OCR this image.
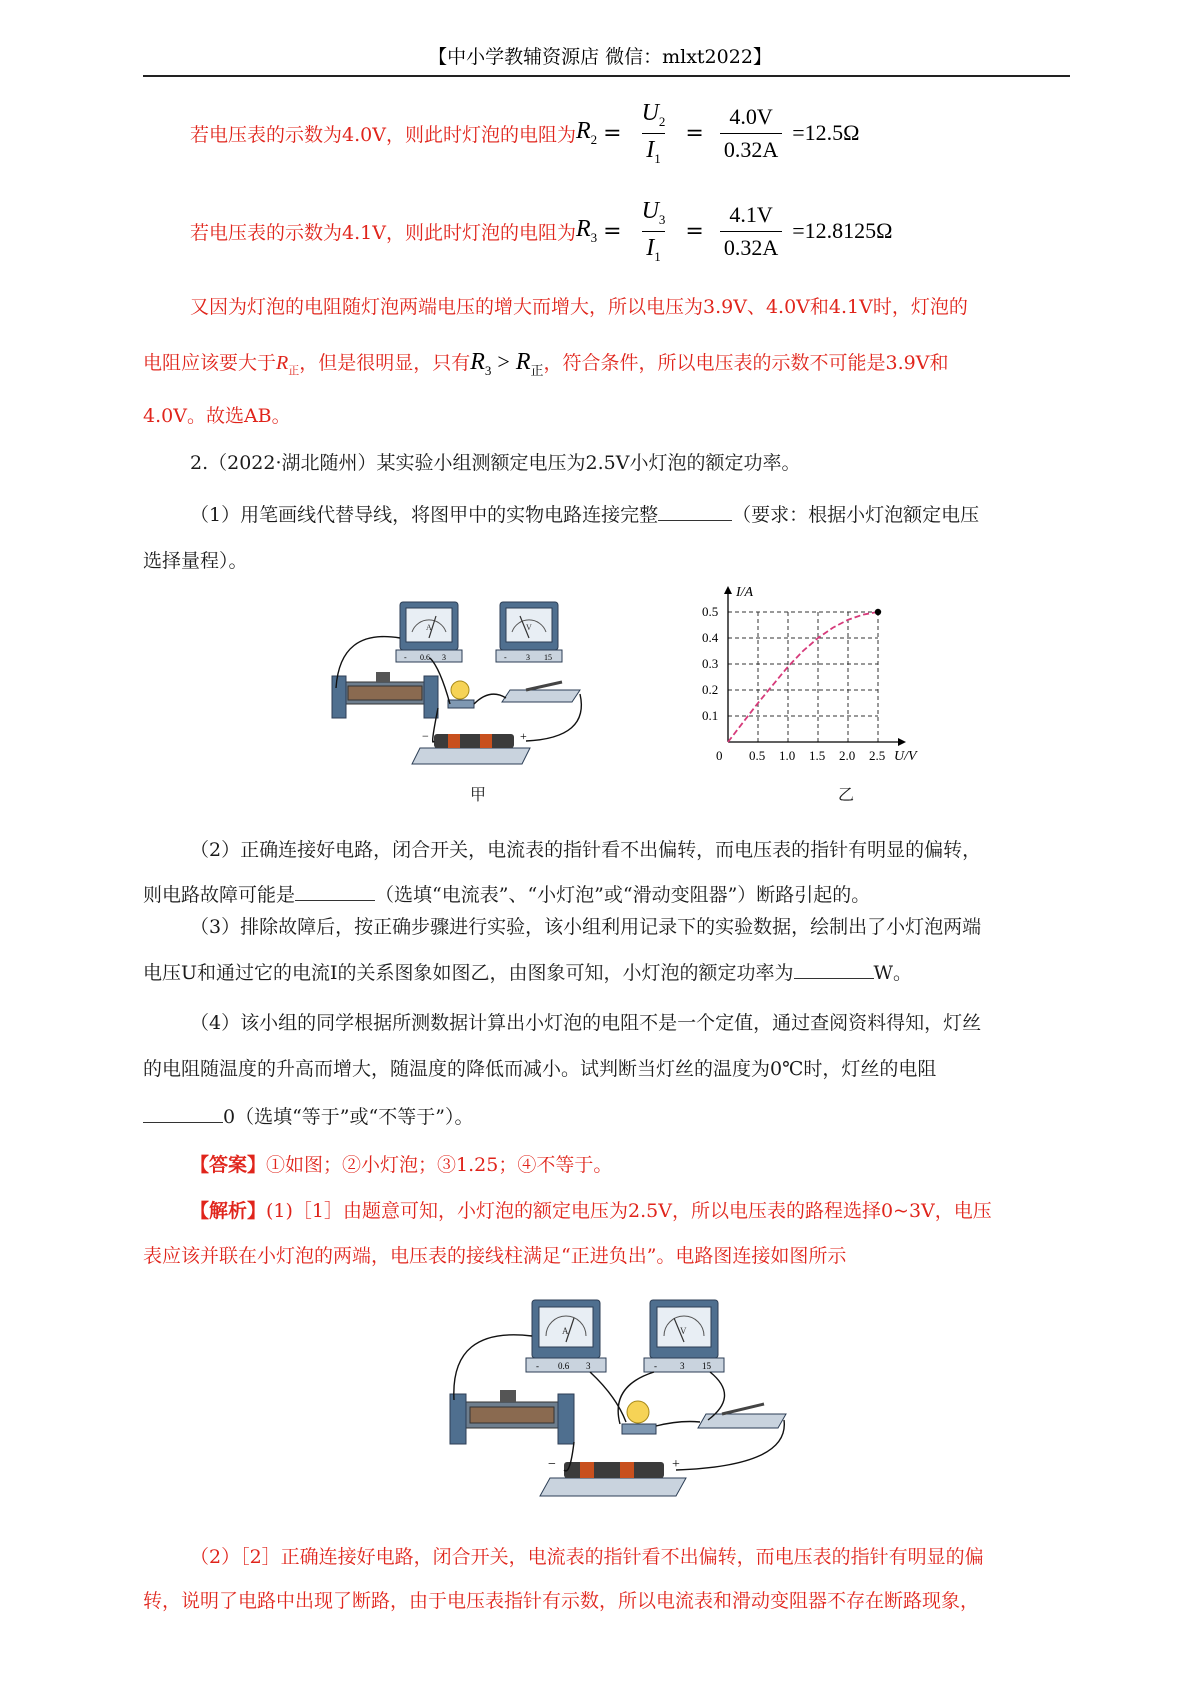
【中小学教辅资源店 微信：mlxt2022】
若电压表的示数为4.0V，则此时灯泡的电阻为 $R_2 = \frac{U_2}{I_1} = \frac{4.0V}{0.32A} =12.5\Omega$
若电压表的示数为4.1V，则此时灯泡的电阻为 $R_3 = \frac{U_3}{I_1} = \frac{4.1V}{0.32A} =12.8125\Omega$
又因为灯泡的电阻随灯泡两端电压的增大而增大，所以电压为3.9V、4.0V和4.1V时，灯泡的
电阻应该要大于$R_正$，但是很明显，只有$R_3 > R_正$，符合条件，所以电压表的示数不可能是3.9V和
4.0V。故选AB。
2.（2022·湖北随州）某实验小组测额定电压为2.5V小灯泡的额定功率。
（1）用笔画线代替导线，将图甲中的实物电路连接完整	（要求：根据小灯泡额定电压
选择量程）。
A
- 0.6 3
V
- 3 15
−	+
甲
U/V
I/A
0 0.5 1.0 1.5 2.0 2.5
0.1
0.2
0.3
0.4
0.5
乙
（2）正确连接好电路，闭合开关，电流表的指针看不出偏转，而电压表的指针有明显的偏转，
则电路故障可能是	（选填“电流表”、“小灯泡”或“滑动变阻器”）断路引起的。
（3）排除故障后，按正确步骤进行实验，该小组利用记录下的实验数据，绘制出了小灯泡两端
电压U和通过它的电流I的关系图象如图乙，由图象可知，小灯泡的额定功率为	W。
（4）该小组的同学根据所测数据计算出小灯泡的电阻不是一个定值，通过查阅资料得知，灯丝
的电阻随温度的升高而增大，随温度的降低而减小。试判断当灯丝的温度为0℃时，灯丝的电阻
0（选填“等于”或“不等于”）。
【答案】①如图；②小灯泡；③1.25；④不等于。
【解析】(1)［1］由题意可知，小灯泡的额定电压为2.5V，所以电压表的路程选择0~3V，电压
表应该并联在小灯泡的两端，电压表的接线柱满足“正进负出”。电路图连接如图所示
A
- 0.6 3
V
-	3 15
−	+
（2）［2］正确连接好电路，闭合开关，电流表的指针看不出偏转，而电压表的指针有明显的偏
转，说明了电路中出现了断路，由于电压表指针有示数，所以电流表和滑动变阻器不存在断路现象，
